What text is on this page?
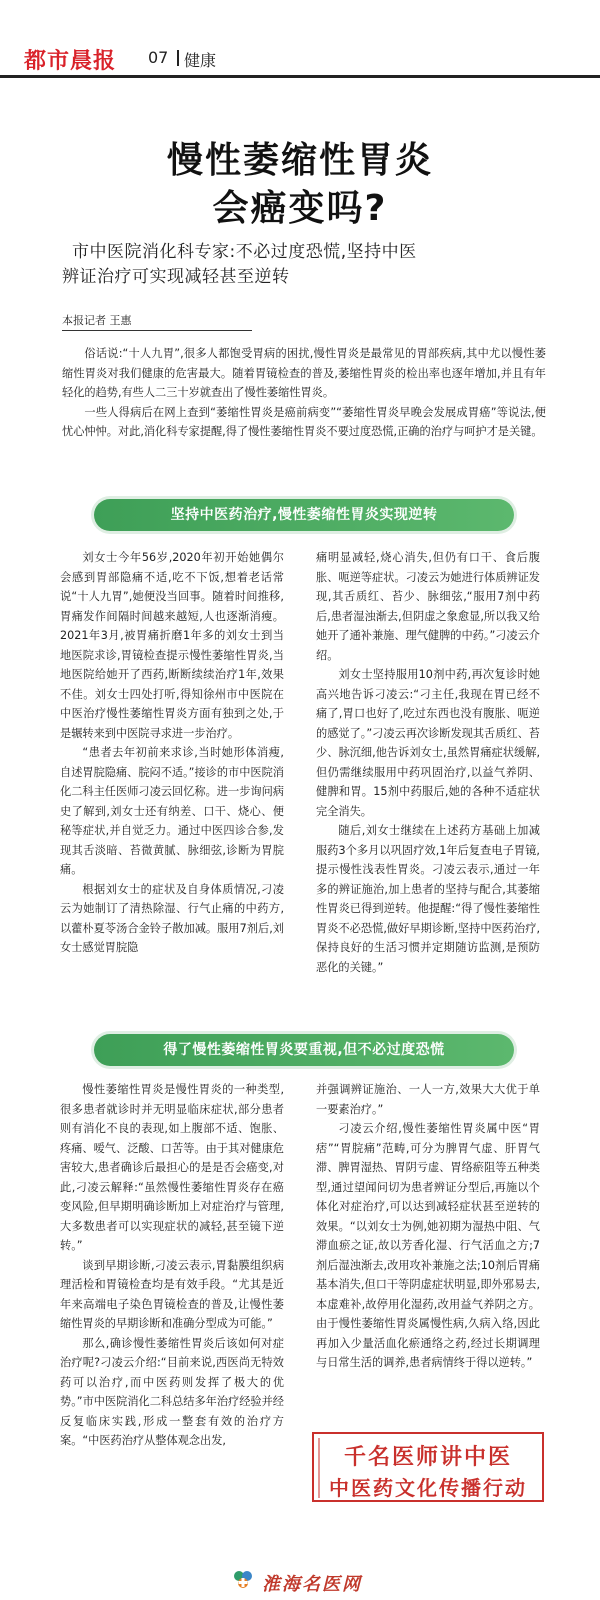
都市晨报 07 健康
慢性萎缩性胃炎
会癌变吗?
市中医院消化科专家:不必过度恐慌,坚持中医
辨证治疗可实现减轻甚至逆转
本报记者 王惠

俗话说:“十人九胃”,很多人都饱受胃病的困扰,慢性胃炎是最常见的胃部疾病,其中尤以慢性萎缩性胃炎对我们健康的危害最大。随着胃镜检查的普及,萎缩性胃炎的检出率也逐年增加,并且有年轻化的趋势,有些人二三十岁就查出了慢性萎缩性胃炎。

一些人得病后在网上查到“萎缩性胃炎是癌前病变”“萎缩性胃炎早晚会发展成胃癌”等说法,便忧心忡忡。对此,消化科专家提醒,得了慢性萎缩性胃炎不要过度恐慌,正确的治疗与呵护才是关键。

坚持中医药治疗,慢性萎缩性胃炎实现逆转

刘女士今年56岁,2020年初开始她偶尔会感到胃部隐痛不适,吃不下饭,想着老话常说“十人九胃”,她便没当回事。随着时间推移,胃痛发作间隔时间越来越短,人也逐渐消瘦。2021年3月,被胃痛折磨1年多的刘女士到当地医院求诊,胃镜检查提示慢性萎缩性胃炎,当地医院给她开了西药,断断续续治疗1年,效果不佳。刘女士四处打听,得知徐州市中医院在中医治疗慢性萎缩性胃炎方面有独到之处,于是辗转来到中医院寻求进一步治疗。

“患者去年初前来求诊,当时她形体消瘦,自述胃脘隐痛、脘闷不适。”接诊的市中医院消化二科主任医师刁凌云回忆称。进一步询问病史了解到,刘女士还有纳差、口干、烧心、便秘等症状,并自觉乏力。通过中医四诊合参,发现其舌淡暗、苔微黄腻、脉细弦,诊断为胃脘痛。

根据刘女士的症状及自身体质情况,刁凌云为她制订了清热除湿、行气止痛的中药方,以藿朴夏苓汤合金铃子散加减。服用7剂后,刘女士感觉胃脘隐

痛明显减轻,烧心消失,但仍有口干、食后腹胀、呃逆等症状。刁凌云为她进行体质辨证发现,其舌质红、苔少、脉细弦,“服用7剂中药后,患者湿浊渐去,但阴虚之象愈显,所以我又给她开了通补兼施、理气健脾的中药。”刁凌云介绍。

刘女士坚持服用10剂中药,再次复诊时她高兴地告诉刁凌云:“刁主任,我现在胃已经不痛了,胃口也好了,吃过东西也没有腹胀、呃逆的感觉了。”刁凌云再次诊断发现其舌质红、苔少、脉沉细,他告诉刘女士,虽然胃痛症状缓解,但仍需继续服用中药巩固治疗,以益气养阴、健脾和胃。15剂中药服后,她的各种不适症状完全消失。

随后,刘女士继续在上述药方基础上加减服药3个多月以巩固疗效,1年后复查电子胃镜,提示慢性浅表性胃炎。刁凌云表示,通过一年多的辨证施治,加上患者的坚持与配合,其萎缩性胃炎已得到逆转。他提醒:“得了慢性萎缩性胃炎不必恐慌,做好早期诊断,坚持中医药治疗,保持良好的生活习惯并定期随访监测,是预防恶化的关键。”

得了慢性萎缩性胃炎要重视,但不必过度恐慌

慢性萎缩性胃炎是慢性胃炎的一种类型,很多患者就诊时并无明显临床症状,部分患者则有消化不良的表现,如上腹部不适、饱胀、疼痛、嗳气、泛酸、口苦等。由于其对健康危害较大,患者确诊后最担心的是是否会癌变,对此,刁凌云解释:“虽然慢性萎缩性胃炎存在癌变风险,但早期明确诊断加上对症治疗与管理,大多数患者可以实现症状的减轻,甚至镜下逆转。”

谈到早期诊断,刁凌云表示,胃黏膜组织病理活检和胃镜检查均是有效手段。“尤其是近年来高端电子染色胃镜检查的普及,让慢性萎缩性胃炎的早期诊断和准确分型成为可能。”

那么,确诊慢性萎缩性胃炎后该如何对症治疗呢?刁凌云介绍:“目前来说,西医尚无特效药可以治疗,而中医药则发挥了极大的优势。”市中医院消化二科总结多年治疗经验并经反复临床实践,形成一整套有效的治疗方案。“中医药治疗从整体观念出发,

并强调辨证施治、一人一方,效果大大优于单一要素治疗。”

刁凌云介绍,慢性萎缩性胃炎属中医“胃痞”“胃脘痛”范畴,可分为脾胃气虚、肝胃气滞、脾胃湿热、胃阴亏虚、胃络瘀阻等五种类型,通过望闻问切为患者辨证分型后,再施以个体化对症治疗,可以达到减轻症状甚至逆转的效果。“以刘女士为例,她初期为湿热中阻、气滞血瘀之证,故以芳香化湿、行气活血之方;7剂后湿浊渐去,改用攻补兼施之法;10剂后胃痛基本消失,但口干等阴虚症状明显,即外邪易去,本虚难补,故停用化湿药,改用益气养阴之方。由于慢性萎缩性胃炎属慢性病,久病入络,因此再加入少量活血化瘀通络之药,经过长期调理与日常生活的调养,患者病情终于得以逆转。”

千名医师讲中医
中医药文化传播行动
淮海名医网
